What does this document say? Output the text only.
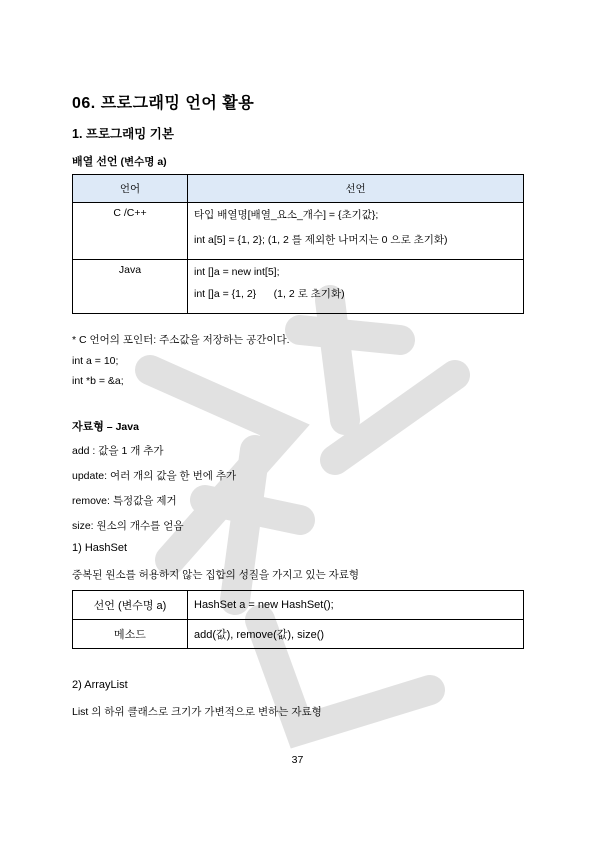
06. 프로그래밍 언어 활용
1. 프로그래밍 기본
배열 선언 (변수명 a)
언어	선언
C /C++	타입 배열명[배열_요소_개수] = {초기값};
int a[5] = {1, 2}; (1, 2 를 제외한 나머지는 0 으로 초기화)

Java	int []a = new int[5];
int []a = {1, 2}      (1, 2 로 초기화)
* C 언어의 포인터: 주소값을 저장하는 공간이다.
int a = 10;
int *b = &a;
자료형 – Java
add : 값을 1 개 추가
update: 여러 개의 값을 한 번에 추가
remove: 특정값을 제거
size: 원소의 개수를 얻음
1) HashSet
중복된 원소를 허용하지 않는 집합의 성질을 가지고 있는 자료형
선언 (변수명 a)	HashSet a = new HashSet();
메소드	add(값), remove(값), size()
2) ArrayList
List 의 하위 클래스로 크기가 가변적으로 변하는 자료형
37
